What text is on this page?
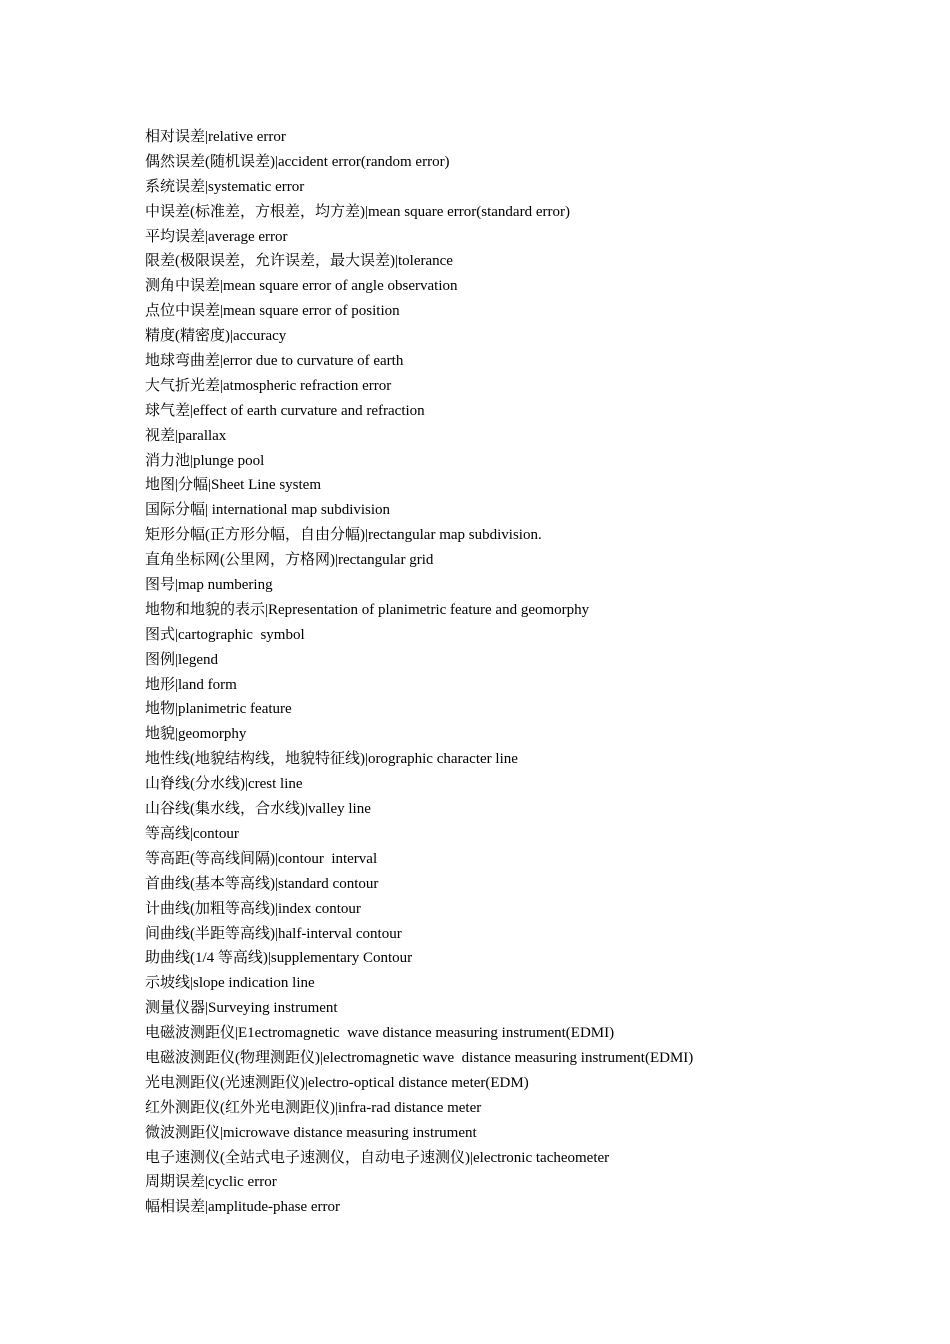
相对误差|relative error
偶然误差(随机误差)|accident error(random error)
系统误差|systematic error
中误差(标准差，方根差，均方差)|mean square error(standard error)
平均误差|average error
限差(极限误差，允许误差，最大误差)|tolerance
测角中误差|mean square error of angle observation
点位中误差|mean square error of position
精度(精密度)|accuracy
地球弯曲差|error due to curvature of earth
大气折光差|atmospheric refraction error
球气差|effect of earth curvature and refraction
视差|parallax
消力池|plunge pool
地图|分幅|Sheet Line system
国际分幅| international map subdivision
矩形分幅(正方形分幅，自由分幅)|rectangular map subdivision.
直角坐标网(公里网，方格网)|rectangular grid
图号|map numbering
地物和地貌的表示|Representation of planimetric feature and geomorphy
图式|cartographic  symbol
图例|legend
地形|land form
地物|planimetric feature
地貌|geomorphy
地性线(地貌结构线，地貌特征线)|orographic character line
山脊线(分水线)|crest line
山谷线(集水线，合水线)|valley line
等高线|contour
等高距(等高线间隔)|contour  interval
首曲线(基本等高线)|standard contour
计曲线(加粗等高线)|index contour
间曲线(半距等高线)|half-interval contour
助曲线(1/4 等高线)|supplementary Contour
示坡线|slope indication line
测量仪器|Surveying instrument
电磁波测距仪|E1ectromagnetic  wave distance measuring instrument(EDMI)
电磁波测距仪(物理测距仪)|electromagnetic wave  distance measuring instrument(EDMI)
光电测距仪(光速测距仪)|electro-optical distance meter(EDM)
红外测距仪(红外光电测距仪)|infra-rad distance meter
微波测距仪|microwave distance measuring instrument
电子速测仪(全站式电子速测仪，自动电子速测仪)|electronic tacheometer
周期误差|cyclic error
幅相误差|amplitude-phase error
